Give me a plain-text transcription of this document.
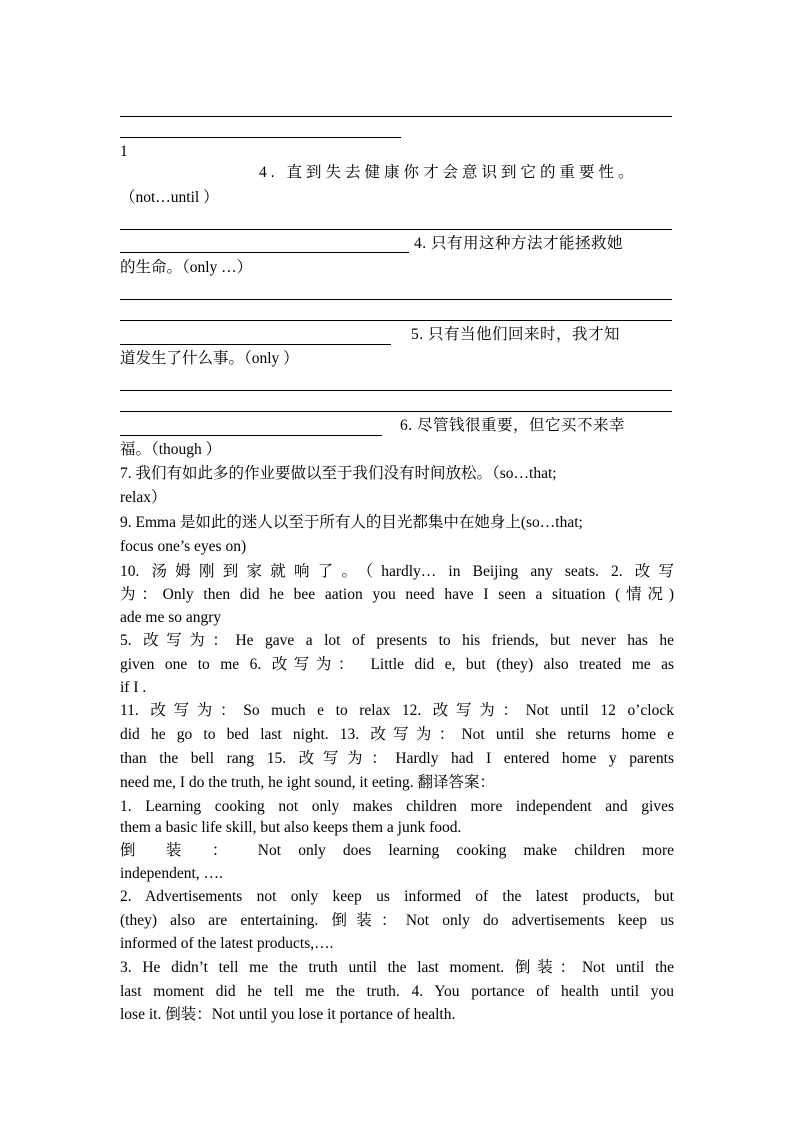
1
4. 直到失去健康你才会意识到它的重要性。
（not…until ）
4. 只有用这种方法才能拯救她
的生命。（only …）
5. 只有当他们回来时，我才知
道发生了什么事。（only ）
6. 尽管钱很重要，但它买不来幸
福。（though ）
7. 我们有如此多的作业要做以至于我们没有时间放松。（so…that;
relax）
9. Emma 是如此的迷人以至于所有人的目光都集中在她身上(so…that;
focus one’s eyes on)
10. 汤姆刚到家就响了。（hardly… in Beijing any seats. 2. 改写
为：Only then did he bee aation you need have I seen a situation (情况)
ade me so angry
5. 改写为：He gave a lot of presents to his friends, but never has he
given one to me 6. 改写为： Little did e, but (they) also treated me as
if I .
11. 改写为：So much e to relax 12. 改写为：Not until 12 o’clock
did he go to bed last night. 13. 改写为：Not until she returns home e
than the bell rang 15. 改写为：Hardly had I entered home y parents
need me, I do the truth, he ight sound, it eeting. 翻译答案：
1. Learning cooking not only makes children more independent and gives
them a basic life skill, but also keeps them a junk food.
倒 装 ： Not only does learning cooking make children more
independent, ….
2. Advertisements not only keep us informed of the latest products, but
(they) also are entertaining. 倒装：Not only do advertisements keep us
informed of the latest products,….
3. He didn’t tell me the truth until the last moment. 倒装：Not until the
last moment did he tell me the truth. 4. You portance of health until you
lose it. 倒装：Not until you lose it portance of health.
